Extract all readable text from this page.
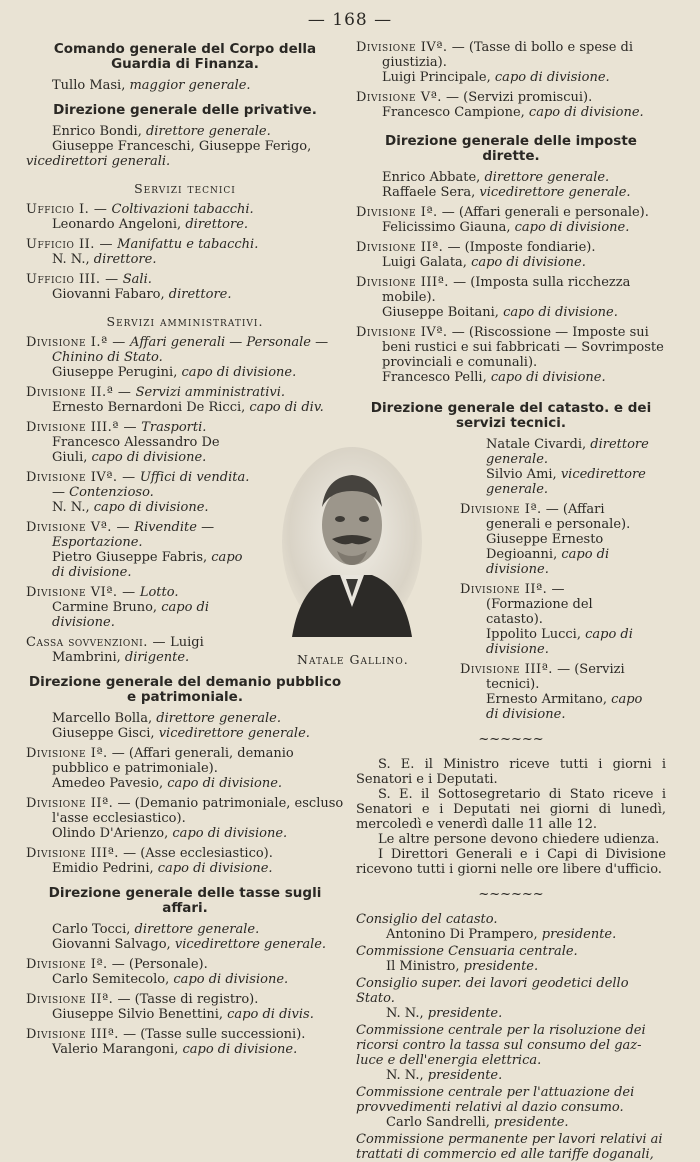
— 168 —
Comando generale del Corpo della Guardia di Finanza.

Tullo Masi, maggior generale.

Direzione generale delle privative.

Enrico Bondi, direttore generale.

Giuseppe Franceschi, Giuseppe Ferigo,

vicedirettori generali.

Servizi tecnici

Ufficio I. — Coltivazioni tabacchi.

Leonardo Angeloni, direttore.

Ufficio II. — Manifattu e tabacchi.

N. N., direttore.

Ufficio III. — Sali.

Giovanni Fabaro, direttore.

Servizi amministrativi.

Divisione I.ª — Affari generali — Personale — Chinino di Stato.

Giuseppe Perugini, capo di divisione.

Divisione II.ª — Servizi amministrativi.

Ernesto Bernardoni De Ricci, capo di div.

Divisione III.ª — Trasporti.

Francesco Alessandro De Giuli, capo di divisione.

Divisione IVª. — Uffici di vendita. — Contenzioso.

N. N., capo di divisione.

Divisione Vª. — Rivendite — Esportazione.

Pietro Giuseppe Fabris, capo di divisione.

Divisione VIª. — Lotto.

Carmine Bruno, capo di divisione.

Cassa sovvenzioni. — Luigi Mambrini, dirigente.

Direzione generale del demanio pubblico e patrimoniale.

Marcello Bolla, direttore generale.

Giuseppe Gisci, vicedirettore generale.

Divisione Iª. — (Affari generali, demanio pubblico e patrimoniale).

Amedeo Pavesio, capo di divisione.

Divisione IIª. — (Demanio patrimoniale, escluso l'asse ecclesiastico).

Olindo D'Arienzo, capo di divisione.

Divisione IIIª. — (Asse ecclesiastico).

Emidio Pedrini, capo di divisione.

Direzione generale delle tasse sugli affari.

Carlo Tocci, direttore generale.

Giovanni Salvago, vicedirettore generale.

Divisione Iª. — (Personale).

Carlo Semitecolo, capo di divisione.

Divisione IIª. — (Tasse di registro).

Giuseppe Silvio Benettini, capo di divis.

Divisione IIIª. — (Tasse sulle successioni).

Valerio Marangoni, capo di divisione.

Natale Gallino.

Divisione IVª. — (Tasse di bollo e spese di giustizia).

Luigi Principale, capo di divisione.

Divisione Vª. — (Servizi promiscui).

Francesco Campione, capo di divisione.

Direzione generale delle imposte dirette.

Enrico Abbate, direttore generale.

Raffaele Sera, vicedirettore generale.

Divisione Iª. — (Affari generali e personale).

Felicissimo Giauna, capo di divisione.

Divisione IIª. — (Imposte fondiarie).

Luigi Galata, capo di divisione.

Divisione IIIª. — (Imposta sulla ricchezza mobile).

Giuseppe Boitani, capo di divisione.

Divisione IVª. — (Riscossione — Imposte sui beni rustici e sui fabbricati — Sovrimposte provinciali e comunali).

Francesco Pelli, capo di divisione.

Direzione generale del catasto. e dei servizi tecnici.

Natale Civardi, direttore generale.

Silvio Ami, vicedirettore generale.

Divisione Iª. — (Affari generali e personale).

Giuseppe Ernesto Degioanni, capo di divisione.

Divisione IIª. — (Formazione del catasto).

Ippolito Lucci, capo di divisione.

Divisione IIIª. — (Servizi tecnici).

Ernesto Armitano, capo di divisione.

~~~~~~

S. E. il Ministro riceve tutti i giorni i Senatori e i Deputati.

S. E. il Sottosegretario di Stato riceve i Senatori e i Deputati nei giorni di lunedì, mercoledì e venerdì dalle 11 alle 12.

Le altre persone devono chiedere udienza.

I Direttori Generali e i Capi di Divisione ricevono tutti i giorni nelle ore libere d'ufficio.

~~~~~~
Consiglio del catasto.
Antonino Di Prampero, presidente.
Commissione Censuaria centrale.
Il Ministro, presidente.
Consiglio super. dei lavori geodetici dello Stato.
N. N., presidente.
Commissione centrale per la risoluzione dei ricorsi contro la tassa sul consumo del gaz-luce e dell'energia elettrica.
N. N., presidente.
Commissione centrale per l'attuazione dei provvedimenti relativi al dazio consumo.
Carlo Sandrelli, presidente.
Commissione permanente per lavori relativi ai trattati di commercio ed alle tariffe doganali,
